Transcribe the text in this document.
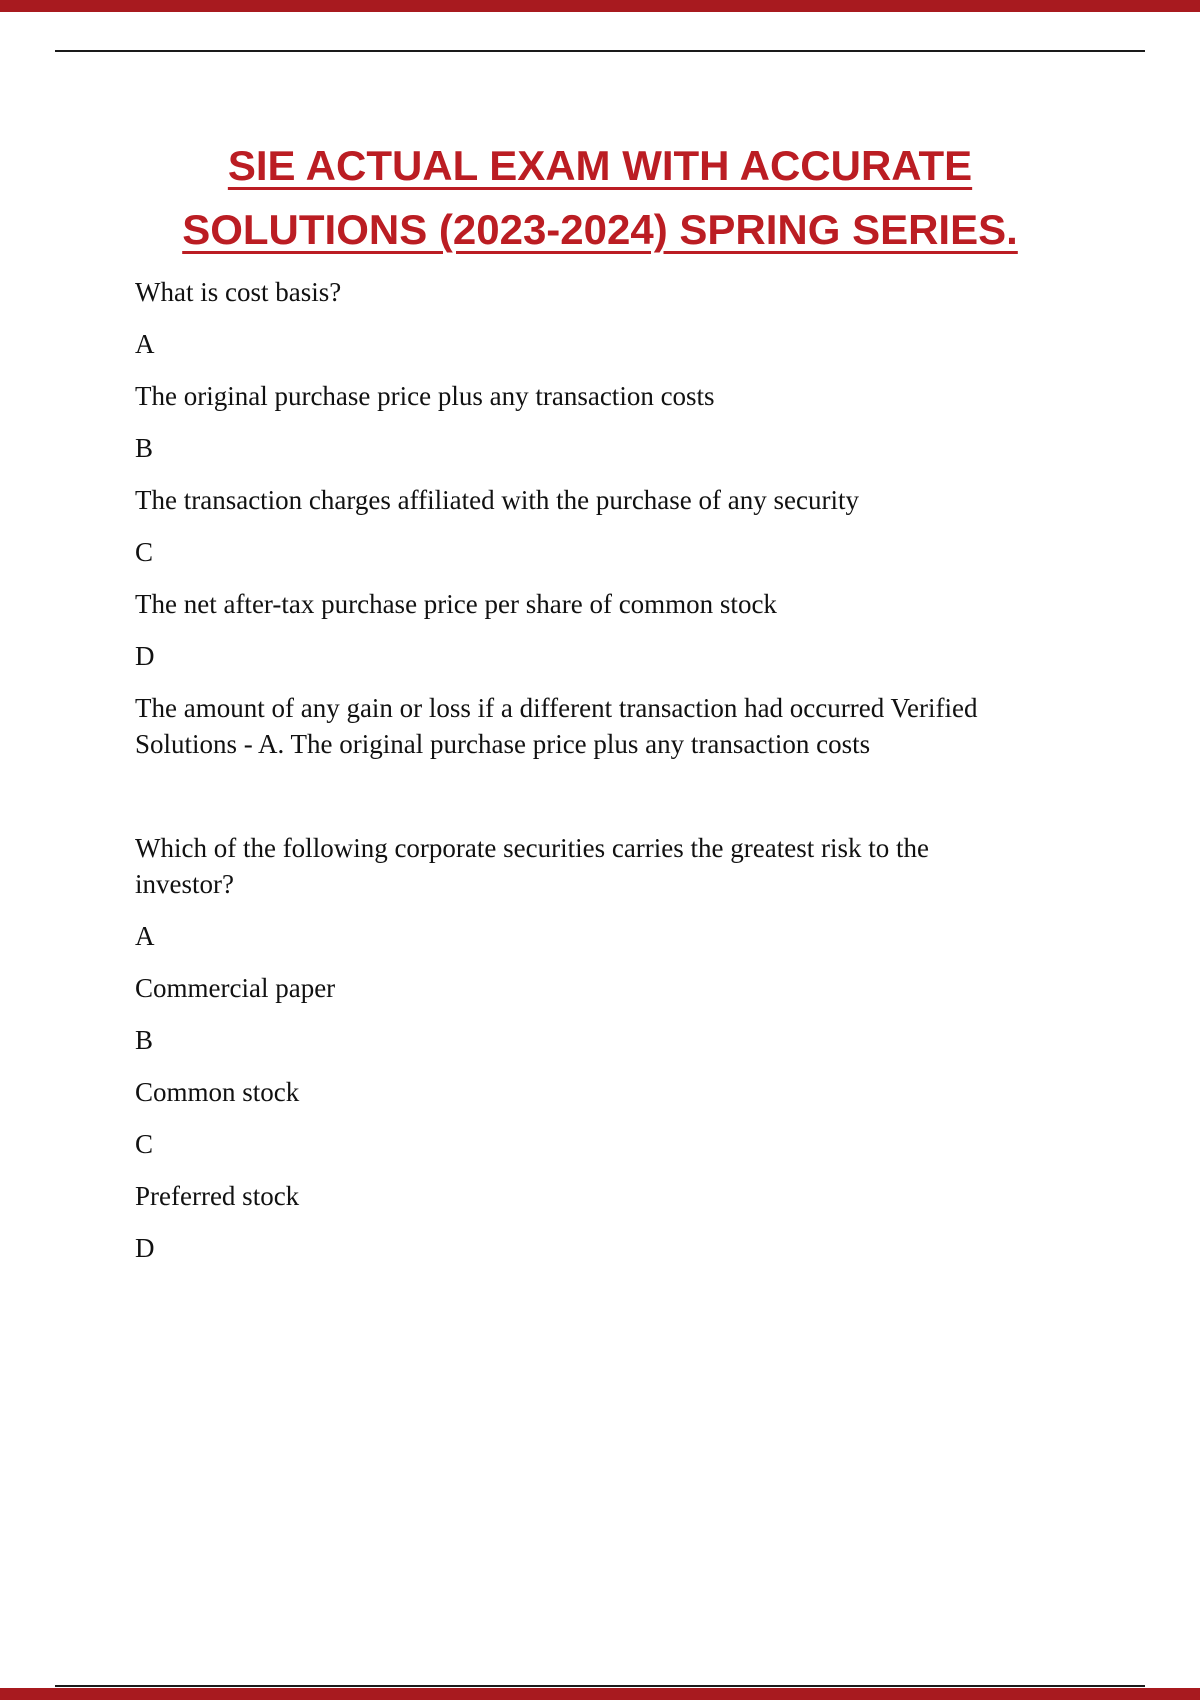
SIE ACTUAL EXAM WITH ACCURATE
SOLUTIONS (2023-2024) SPRING SERIES.

What is cost basis?

A

The original purchase price plus any transaction costs

B

The transaction charges affiliated with the purchase of any security

C

The net after-tax purchase price per share of common stock

D

The amount of any gain or loss if a different transaction had occurred Verified Solutions - A. The original purchase price plus any transaction costs

Which of the following corporate securities carries the greatest risk to the investor?

A

Commercial paper

B

Common stock

C

Preferred stock

D
